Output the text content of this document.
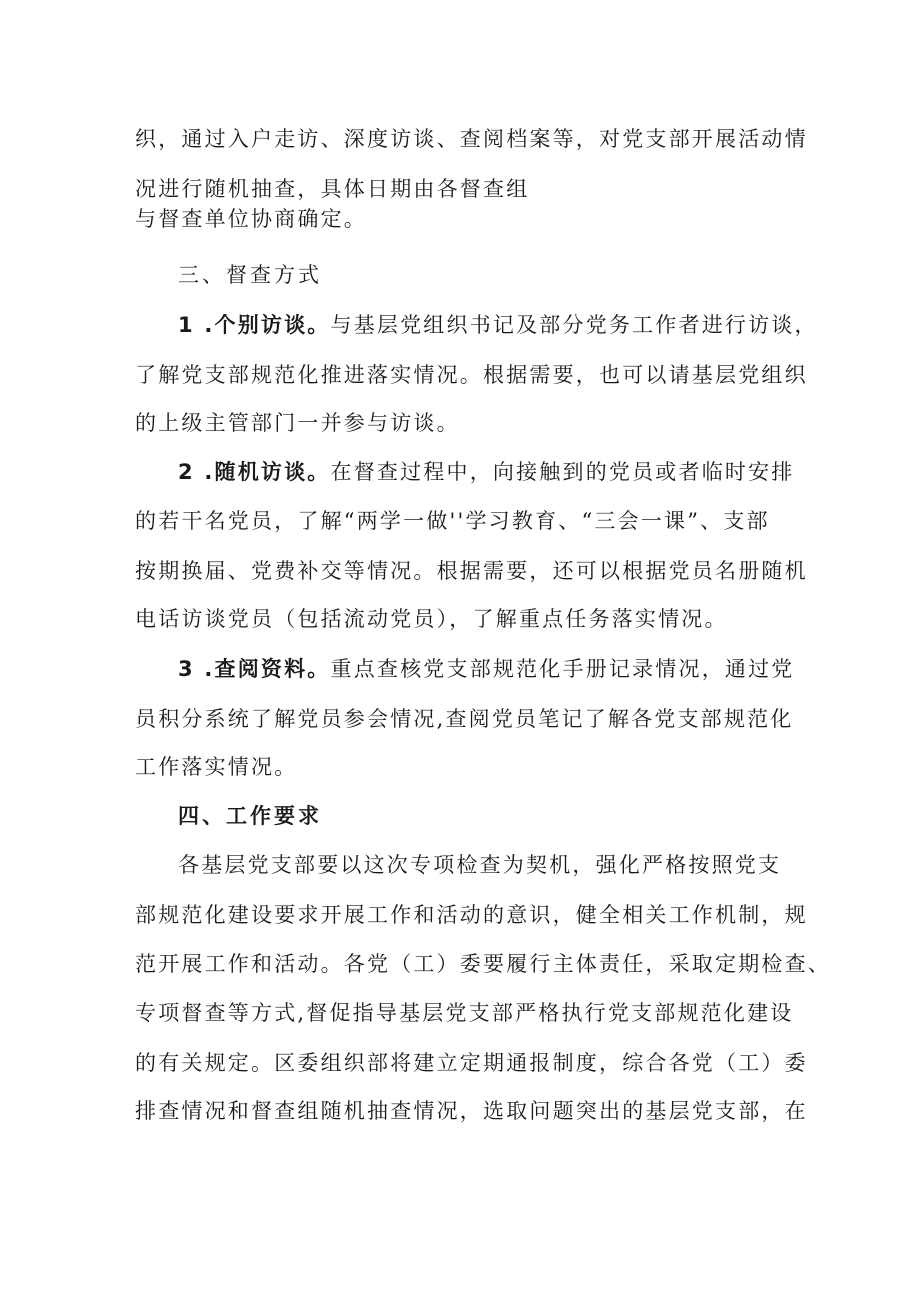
织，通过入户走访、深度访谈、查阅档案等，对党支部开展活动情
况进行随机抽查，具体日期由各督查组
与督查单位协商确定。
三、督查方式
1 .个别访谈。与基层党组织书记及部分党务工作者进行访谈，
了解党支部规范化推进落实情况。根据需要，也可以请基层党组织
的上级主管部门一并参与访谈。
2 .随机访谈。在督查过程中，向接触到的党员或者临时安排
的若干名党员，了解“两学一做''学习教育、“三会一课”、支部
按期换届、党费补交等情况。根据需要，还可以根据党员名册随机
电话访谈党员（包括流动党员），了解重点任务落实情况。
3 .查阅资料。重点查核党支部规范化手册记录情况，通过党
员积分系统了解党员参会情况,查阅党员笔记了解各党支部规范化
工作落实情况。
四、工作要求
各基层党支部要以这次专项检查为契机，强化严格按照党支
部规范化建设要求开展工作和活动的意识，健全相关工作机制，规
范开展工作和活动。各党（工）委要履行主体责任，采取定期检查、
专项督查等方式,督促指导基层党支部严格执行党支部规范化建设
的有关规定。区委组织部将建立定期通报制度，综合各党（工）委
排查情况和督查组随机抽查情况，选取问题突出的基层党支部，在
